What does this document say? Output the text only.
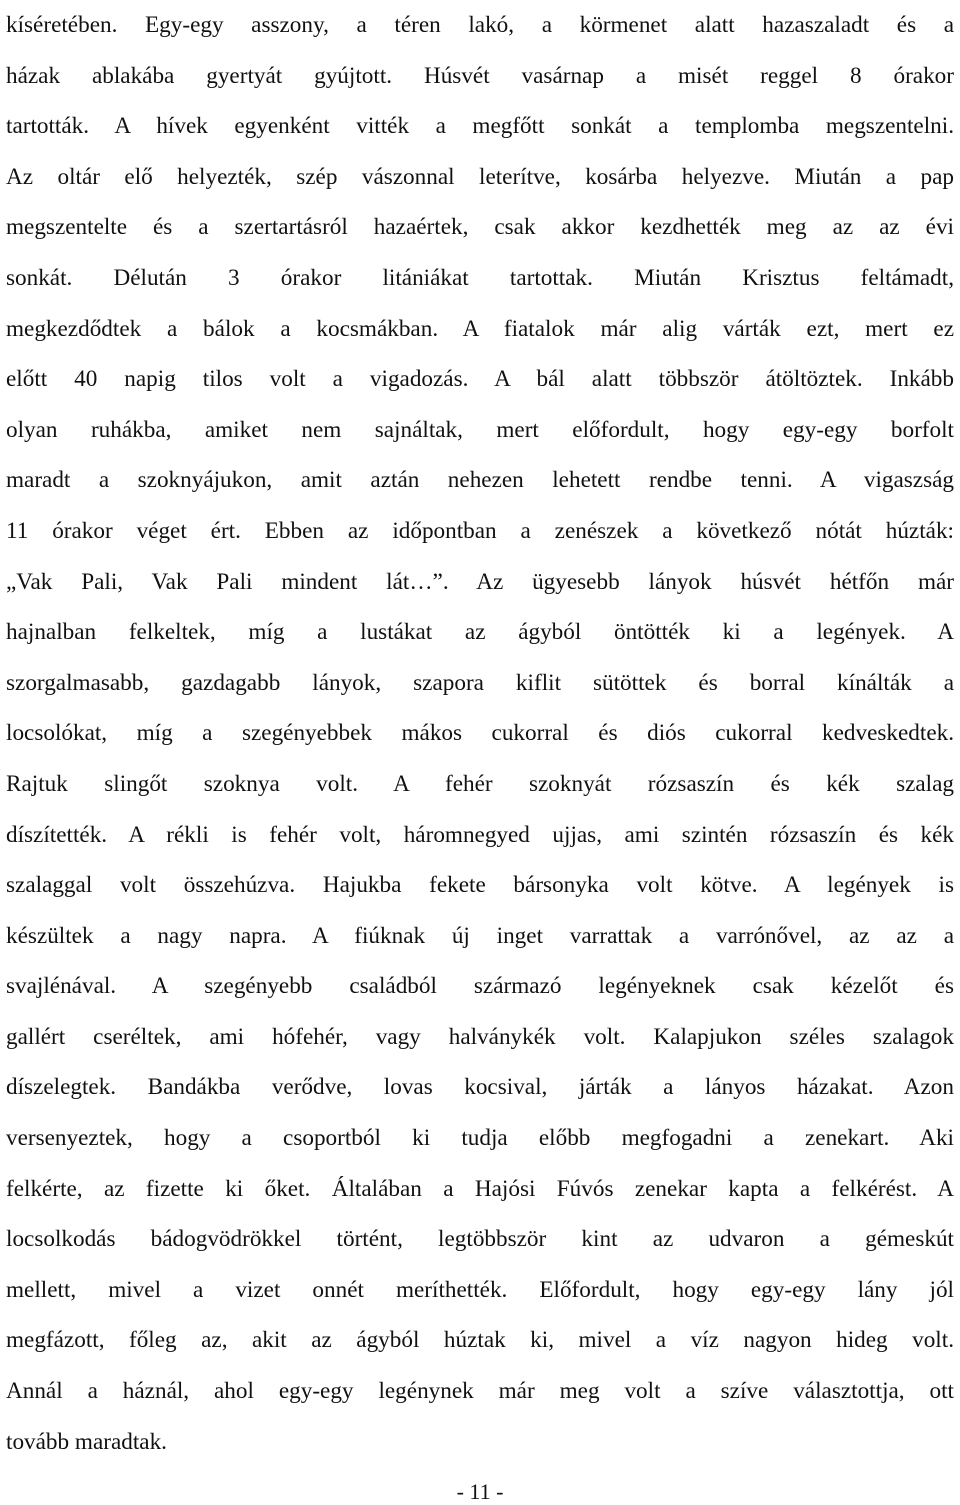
kíséretében. Egy-egy asszony, a téren lakó, a körmenet alatt hazaszaladt és a
házak ablakába gyertyát gyújtott. Húsvét vasárnap a misét reggel 8 órakor
tartották. A hívek egyenként vitték a megfőtt sonkát a templomba megszentelni.
Az oltár elő helyezték, szép vászonnal leterítve, kosárba helyezve. Miután a pap
megszentelte és a szertartásról hazaértek, csak akkor kezdhették meg az az évi
sonkát. Délután 3 órakor litániákat tartottak. Miután Krisztus feltámadt,
megkezdődtek a bálok a kocsmákban. A fiatalok már alig várták ezt, mert ez
előtt 40 napig tilos volt a vigadozás. A bál alatt többször átöltöztek. Inkább
olyan ruhákba, amiket nem sajnáltak, mert előfordult, hogy egy-egy borfolt
maradt a szoknyájukon, amit aztán nehezen lehetett rendbe tenni. A vigaszság
11 órakor véget ért. Ebben az időpontban a zenészek a következő nótát húzták:
„Vak Pali, Vak Pali mindent lát…”. Az ügyesebb lányok húsvét hétfőn már
hajnalban felkeltek, míg a lustákat az ágyból öntötték ki a legények. A
szorgalmasabb, gazdagabb lányok, szapora kiflit sütöttek és borral kínálták a
locsolókat, míg a szegényebbek mákos cukorral és diós cukorral kedveskedtek.
Rajtuk slingőt szoknya volt. A fehér szoknyát rózsaszín és kék szalag
díszítették. A rékli is fehér volt, háromnegyed ujjas, ami szintén rózsaszín és kék
szalaggal volt összehúzva. Hajukba fekete bársonyka volt kötve. A legények is
készültek a nagy napra. A fiúknak új inget varrattak a varrónővel, az az a
svajlénával. A szegényebb családból származó legényeknek csak kézelőt és
gallért cseréltek, ami hófehér, vagy halványkék volt. Kalapjukon széles szalagok
díszelegtek. Bandákba verődve, lovas kocsival, járták a lányos házakat. Azon
versenyeztek, hogy a csoportból ki tudja előbb megfogadni a zenekart. Aki
felkérte, az fizette ki őket. Általában a Hajósi Fúvós zenekar kapta a felkérést. A
locsolkodás bádogvödrökkel történt, legtöbbször kint az udvaron a gémeskút
mellett, mivel a vizet onnét meríthették. Előfordult, hogy egy-egy lány jól
megfázott, főleg az, akit az ágyból húztak ki, mivel a víz nagyon hideg volt.
Annál a háznál, ahol egy-egy legénynek már meg volt a szíve választottja, ott
tovább maradtak.
- 11 -
